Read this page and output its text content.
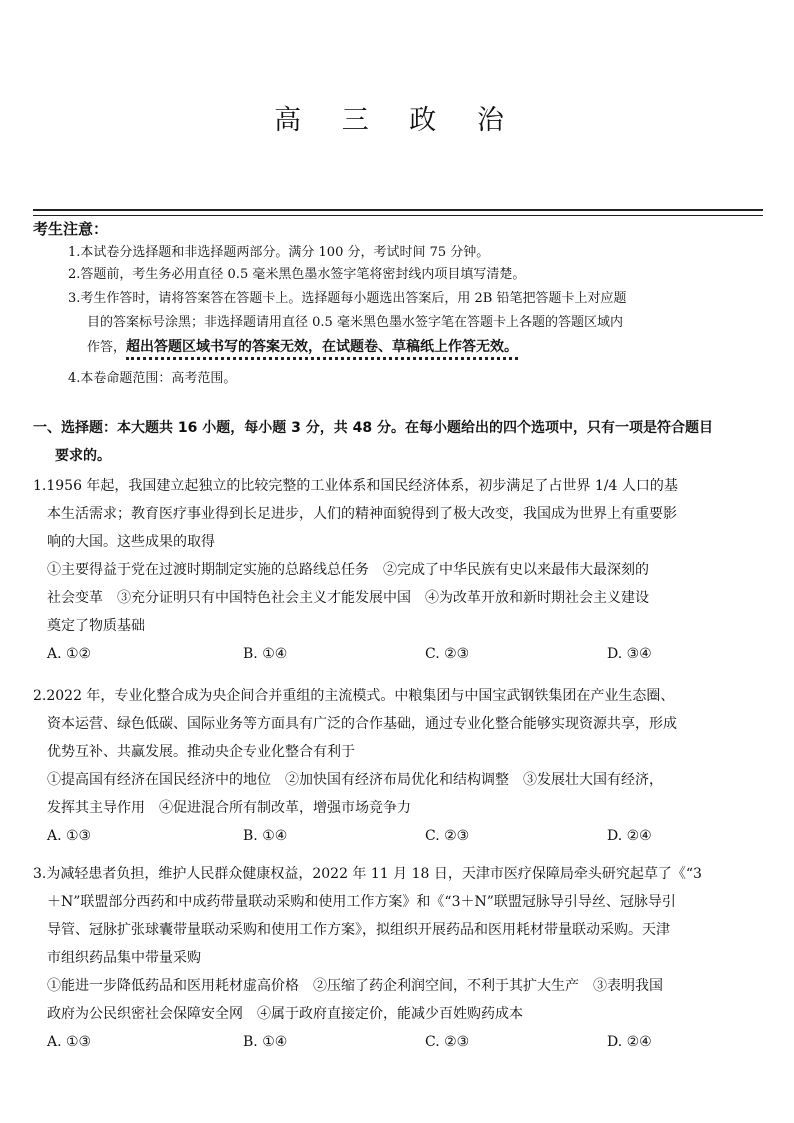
高 三 政 治
考生注意：
1.本试卷分选择题和非选择题两部分。满分 100 分，考试时间 75 分钟。
2.答题前，考生务必用直径 0.5 毫米黑色墨水签字笔将密封线内项目填写清楚。
3.考生作答时，请将答案答在答题卡上。选择题每小题选出答案后，用 2B 铅笔把答题卡上对应题
目的答案标号涂黑；非选择题请用直径 0.5 毫米黑色墨水签字笔在答题卡上各题的答题区域内
作答，超出答题区域书写的答案无效，在试题卷、草稿纸上作答无效。
4.本卷命题范围：高考范围。
一、选择题：本大题共 16 小题，每小题 3 分，共 48 分。在每小题给出的四个选项中，只有一项是符合题目
要求的。
1.1956 年起，我国建立起独立的比较完整的工业体系和国民经济体系，初步满足了占世界 1/4 人口的基
本生活需求；教育医疗事业得到长足进步，人们的精神面貌得到了极大改变，我国成为世界上有重要影
响的大国。这些成果的取得
①主要得益于党在过渡时期制定实施的总路线总任务　②完成了中华民族有史以来最伟大最深刻的
社会变革　③充分证明只有中国特色社会主义才能发展中国　④为改革开放和新时期社会主义建设
奠定了物质基础
A. ①②	B. ①④	C. ②③	D. ③④
2.2022 年，专业化整合成为央企间合并重组的主流模式。中粮集团与中国宝武钢铁集团在产业生态圈、
资本运营、绿色低碳、国际业务等方面具有广泛的合作基础，通过专业化整合能够实现资源共享，形成
优势互补、共赢发展。推动央企专业化整合有利于
①提高国有经济在国民经济中的地位　②加快国有经济布局优化和结构调整　③发展壮大国有经济，
发挥其主导作用　④促进混合所有制改革，增强市场竞争力
A. ①③	B. ①④	C. ②③	D. ②④
3.为减轻患者负担，维护人民群众健康权益，2022 年 11 月 18 日，天津市医疗保障局牵头研究起草了《“3
＋N”联盟部分西药和中成药带量联动采购和使用工作方案》和《“3＋N”联盟冠脉导引导丝、冠脉导引
导管、冠脉扩张球囊带量联动采购和使用工作方案》，拟组织开展药品和医用耗材带量联动采购。天津
市组织药品集中带量采购
①能进一步降低药品和医用耗材虚高价格　②压缩了药企利润空间，不利于其扩大生产　③表明我国
政府为公民织密社会保障安全网　④属于政府直接定价，能减少百姓购药成本
A. ①③	B. ①④	C. ②③	D. ②④
